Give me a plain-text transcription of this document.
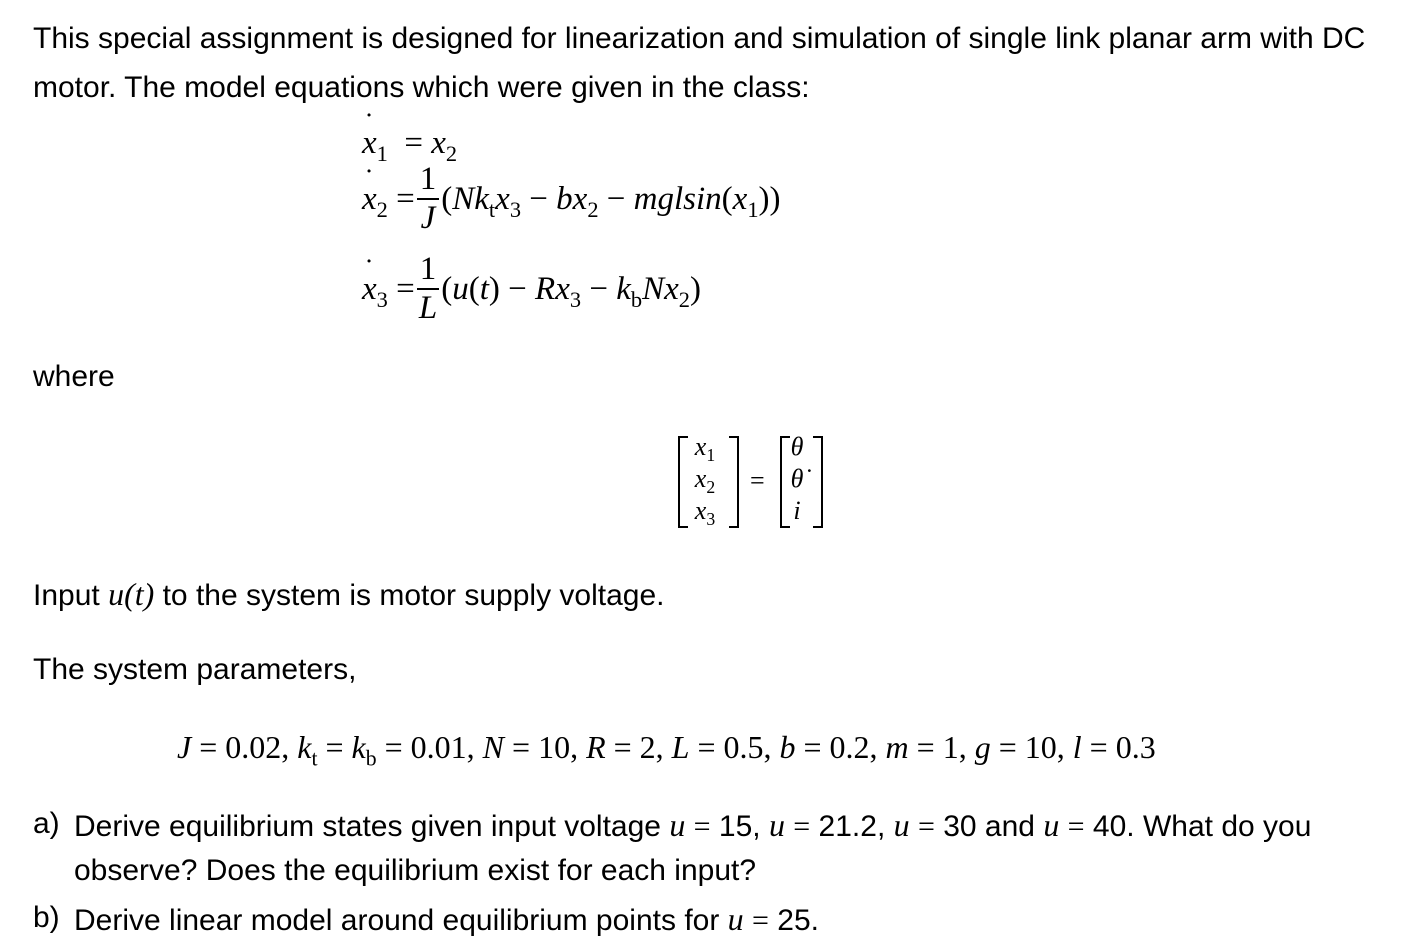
This special assignment is designed for linearization and simulation of single link planar arm with DC
motor. The model equations which were given in the class:
˙ $x_1 = x_2$
˙ $x_2 = \frac{1}{J} (Nk_tx_3 - bx_2 - mglsin(x_1))$
˙ $x_3 = \frac{1}{L} (u(t) - Rx_3 - k_bNx_2)$
where
$x_1$
$x_2$
$x_3$
=
θ
θ̇
i
Input u(t) to the system is motor supply voltage.
The system parameters,
J = 0.02, $k_t = k_b = 0.01$, N = 10, R = 2, L = 0.5, b = 0.2, m = 1, g = 10, l = 0.3
a) Derive equilibrium states given input voltage u = 15, u = 21.2, u = 30 and u = 40. What do you
observe? Does the equilibrium exist for each input?
b) Derive linear model around equilibrium points for u = 25.
